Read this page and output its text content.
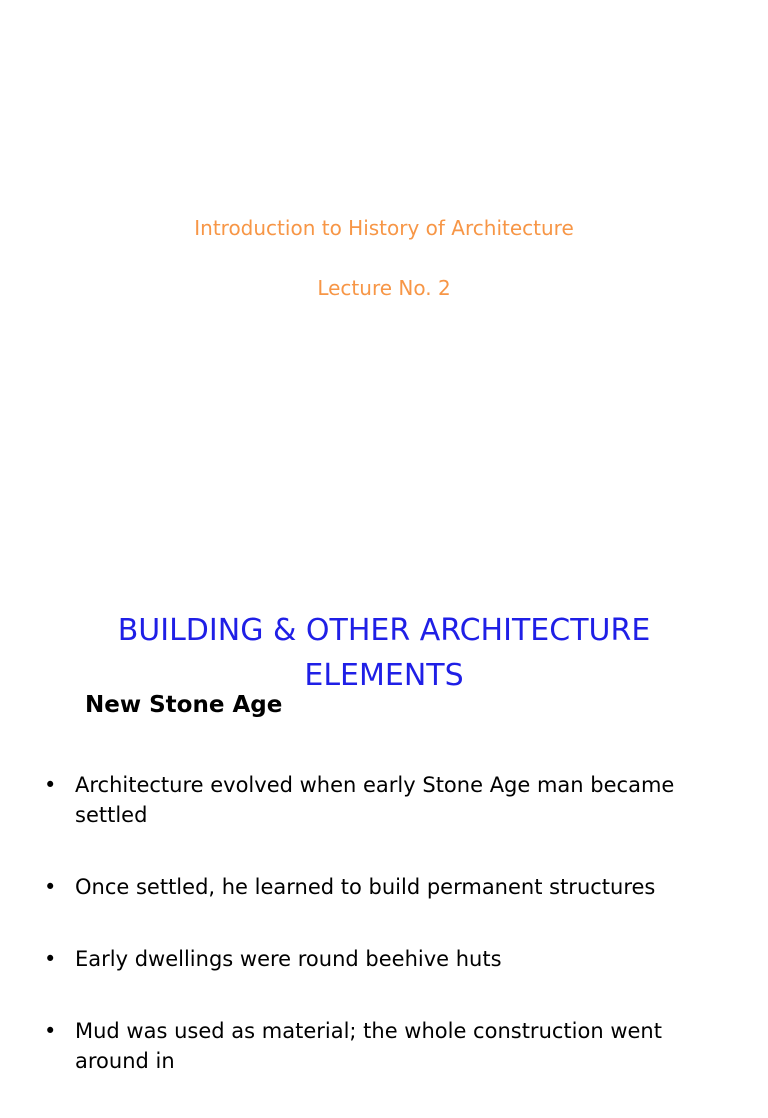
Introduction to History of Architecture
Lecture No. 2
BUILDING & OTHER ARCHITECTURE
ELEMENTS
New Stone Age
• Architecture evolved when early Stone Age man became settled
• Once settled, he learned to build permanent structures
• Early dwellings were round beehive huts
• Mud was used as material; the whole construction went around in
